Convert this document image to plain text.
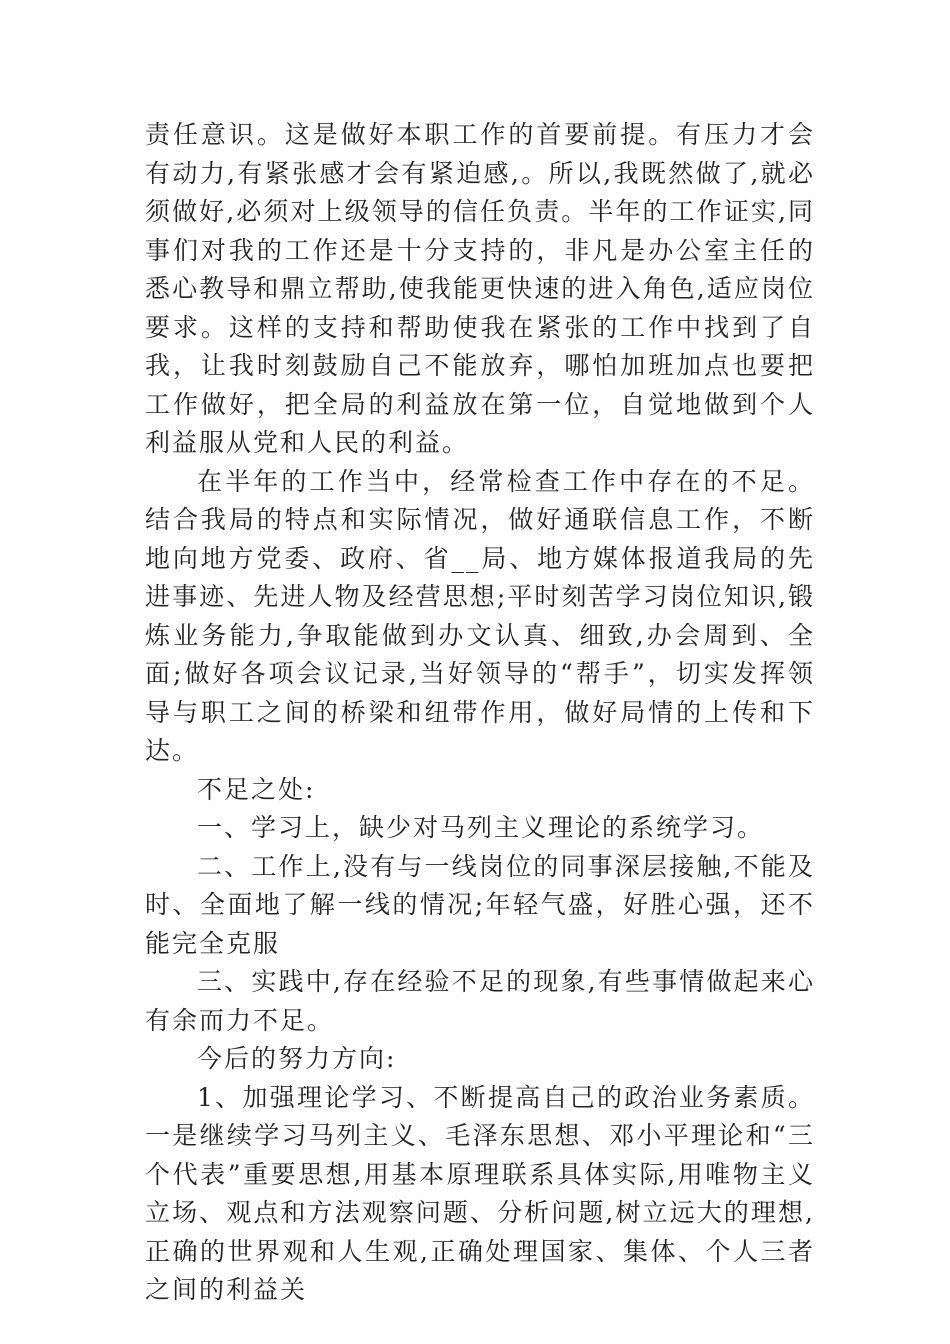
责任意识。这是做好本职工作的首要前提。有压力才会有动力,有紧张感才会有紧迫感,。所以,我既然做了,就必须做好,必须对上级领导的信任负责。半年的工作证实,同事们对我的工作还是十分支持的，非凡是办公室主任的悉心教导和鼎立帮助,使我能更快速的进入角色,适应岗位要求。这样的支持和帮助使我在紧张的工作中找到了自我，让我时刻鼓励自己不能放弃，哪怕加班加点也要把工作做好，把全局的利益放在第一位，自觉地做到个人利益服从党和人民的利益。

在半年的工作当中，经常检查工作中存在的不足。结合我局的特点和实际情况，做好通联信息工作，不断地向地方党委、政府、省__局、地方媒体报道我局的先进事迹、先进人物及经营思想;平时刻苦学习岗位知识,锻炼业务能力,争取能做到办文认真、细致,办会周到、全面;做好各项会议记录,当好领导的“帮手”，切实发挥领导与职工之间的桥梁和纽带作用，做好局情的上传和下达。

不足之处:

一、学习上，缺少对马列主义理论的系统学习。

二、工作上,没有与一线岗位的同事深层接触,不能及时、全面地了解一线的情况;年轻气盛，好胜心强，还不能完全克服

三、实践中,存在经验不足的现象,有些事情做起来心有余而力不足。

今后的努力方向:

1、加强理论学习、不断提高自己的政治业务素质。一是继续学习马列主义、毛泽东思想、邓小平理论和“三个代表”重要思想,用基本原理联系具体实际,用唯物主义立场、观点和方法观察问题、分析问题,树立远大的理想,正确的世界观和人生观,正确处理国家、集体、个人三者之间的利益关
